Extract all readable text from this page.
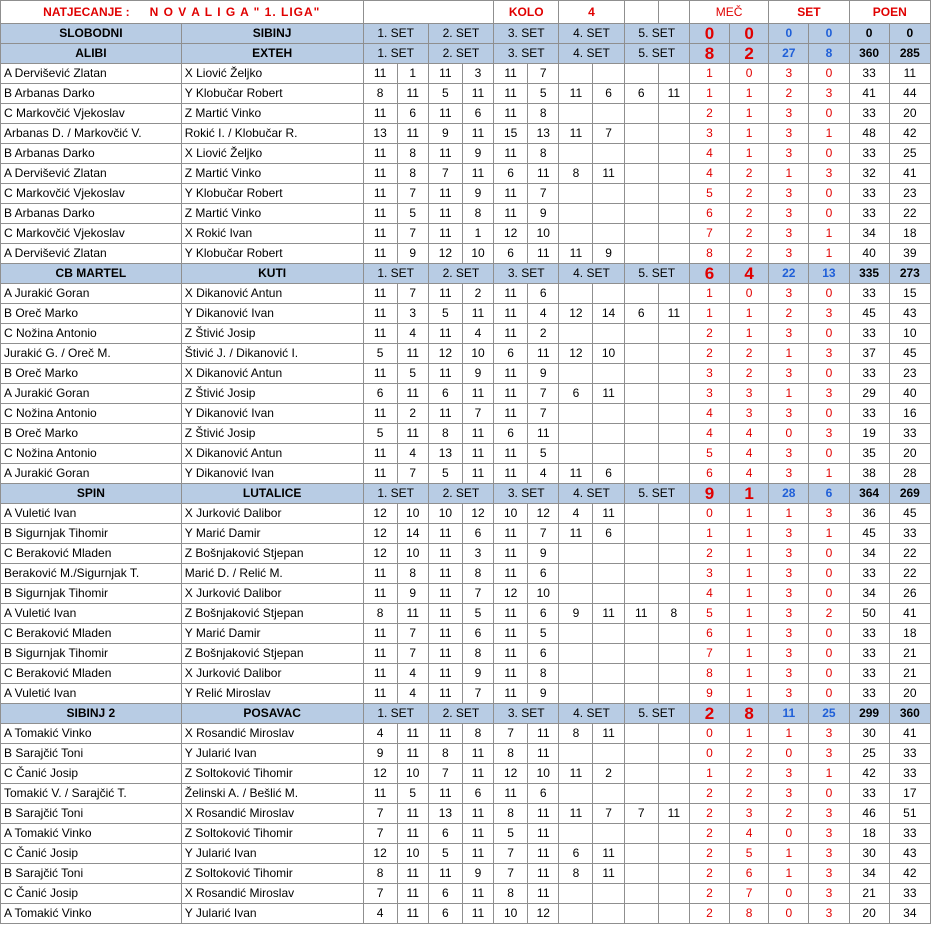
NATJECANJE : N O V A L I G A " 1. LIGA"						KOLO		4				MEČ		SET		POEN	
SLOBODNI	SIBINJ	1. SET		2. SET		3. SET		4. SET		5. SET		0	0	0	0	0	0
ALIBI	EXTEH	1. SET		2. SET		3. SET		4. SET		5. SET		8	2	27	8	360	285
A Dervišević Zlatan	X Liović Željko	11	1	11	3	11	7					1	0	3	0	33	11
B Arbanas Darko	Y Klobučar Robert	8	11	5	11	11	5	11	6	6	11	1	1	2	3	41	44
C Markovčić Vjekoslav	Z Martić Vinko	11	6	11	6	11	8					2	1	3	0	33	20
Arbanas D. / Markovčić V.	Rokić I. / Klobučar R.	13	11	9	11	15	13	11	7			3	1	3	1	48	42
B Arbanas Darko	X Liović Željko	11	8	11	9	11	8					4	1	3	0	33	25
A Dervišević Zlatan	Z Martić Vinko	11	8	7	11	6	11	8	11			4	2	1	3	32	41
C Markovčić Vjekoslav	Y Klobučar Robert	11	7	11	9	11	7					5	2	3	0	33	23
B Arbanas Darko	Z Martić Vinko	11	5	11	8	11	9					6	2	3	0	33	22
C Markovčić Vjekoslav	X Rokić Ivan	11	7	11	1	12	10					7	2	3	1	34	18
A Dervišević Zlatan	Y Klobučar Robert	11	9	12	10	6	11	11	9			8	2	3	1	40	39
CB MARTEL	KUTI	1. SET		2. SET		3. SET		4. SET		5. SET		6	4	22	13	335	273
A Jurakić Goran	X Dikanović Antun	11	7	11	2	11	6					1	0	3	0	33	15
B Oreč Marko	Y Dikanović Ivan	11	3	5	11	11	4	12	14	6	11	1	1	2	3	45	43
C Nožina Antonio	Z Štivić Josip	11	4	11	4	11	2					2	1	3	0	33	10
Jurakić G. / Oreč M.	Štivić J. / Dikanović I.	5	11	12	10	6	11	12	10			2	2	1	3	37	45
B Oreč Marko	X Dikanović Antun	11	5	11	9	11	9					3	2	3	0	33	23
A Jurakić Goran	Z Štivić Josip	6	11	6	11	11	7	6	11			3	3	1	3	29	40
C Nožina Antonio	Y Dikanović Ivan	11	2	11	7	11	7					4	3	3	0	33	16
B Oreč Marko	Z Štivić Josip	5	11	8	11	6	11					4	4	0	3	19	33
C Nožina Antonio	X Dikanović Antun	11	4	13	11	11	5					5	4	3	0	35	20
A Jurakić Goran	Y Dikanović Ivan	11	7	5	11	11	4	11	6			6	4	3	1	38	28
SPIN	LUTALICE	1. SET		2. SET		3. SET		4. SET		5. SET		9	1	28	6	364	269
A Vuletić Ivan	X Jurković Dalibor	12	10	10	12	10	12	4	11			0	1	1	3	36	45
B Sigurnjak Tihomir	Y Marić Damir	12	14	11	6	11	7	11	6			1	1	3	1	45	33
C Beraković Mladen	Z Bošnjaković Stjepan	12	10	11	3	11	9					2	1	3	0	34	22
Beraković M./Sigurnjak T.	Marić D. / Relić M.	11	8	11	8	11	6					3	1	3	0	33	22
B Sigurnjak Tihomir	X Jurković Dalibor	11	9	11	7	12	10					4	1	3	0	34	26
A Vuletić Ivan	Z Bošnjaković Stjepan	8	11	11	5	11	6	9	11	11	8	5	1	3	2	50	41
C Beraković Mladen	Y Marić Damir	11	7	11	6	11	5					6	1	3	0	33	18
B Sigurnjak Tihomir	Z Bošnjaković Stjepan	11	7	11	8	11	6					7	1	3	0	33	21
C Beraković Mladen	X Jurković Dalibor	11	4	11	9	11	8					8	1	3	0	33	21
A Vuletić Ivan	Y Relić Miroslav	11	4	11	7	11	9					9	1	3	0	33	20
SIBINJ 2	POSAVAC	1. SET		2. SET		3. SET		4. SET		5. SET		2	8	11	25	299	360
A Tomakić Vinko	X Rosandić Miroslav	4	11	11	8	7	11	8	11			0	1	1	3	30	41
B Sarajčić Toni	Y Jularić Ivan	9	11	8	11	8	11					0	2	0	3	25	33
C Čanić Josip	Z Soltoković Tihomir	12	10	7	11	12	10	11	2			1	2	3	1	42	33
Tomakić V. / Sarajčić T.	Želinski A. / Bešlić M.	11	5	11	6	11	6					2	2	3	0	33	17
B Sarajčić Toni	X Rosandić Miroslav	7	11	13	11	8	11	11	7	7	11	2	3	2	3	46	51
A Tomakić Vinko	Z Soltoković Tihomir	7	11	6	11	5	11					2	4	0	3	18	33
C Čanić Josip	Y Jularić Ivan	12	10	5	11	7	11	6	11			2	5	1	3	30	43
B Sarajčić Toni	Z Soltoković Tihomir	8	11	11	9	7	11	8	11			2	6	1	3	34	42
C Čanić Josip	X Rosandić Miroslav	7	11	6	11	8	11					2	7	0	3	21	33
A Tomakić Vinko	Y Jularić Ivan	4	11	6	11	10	12					2	8	0	3	20	34
